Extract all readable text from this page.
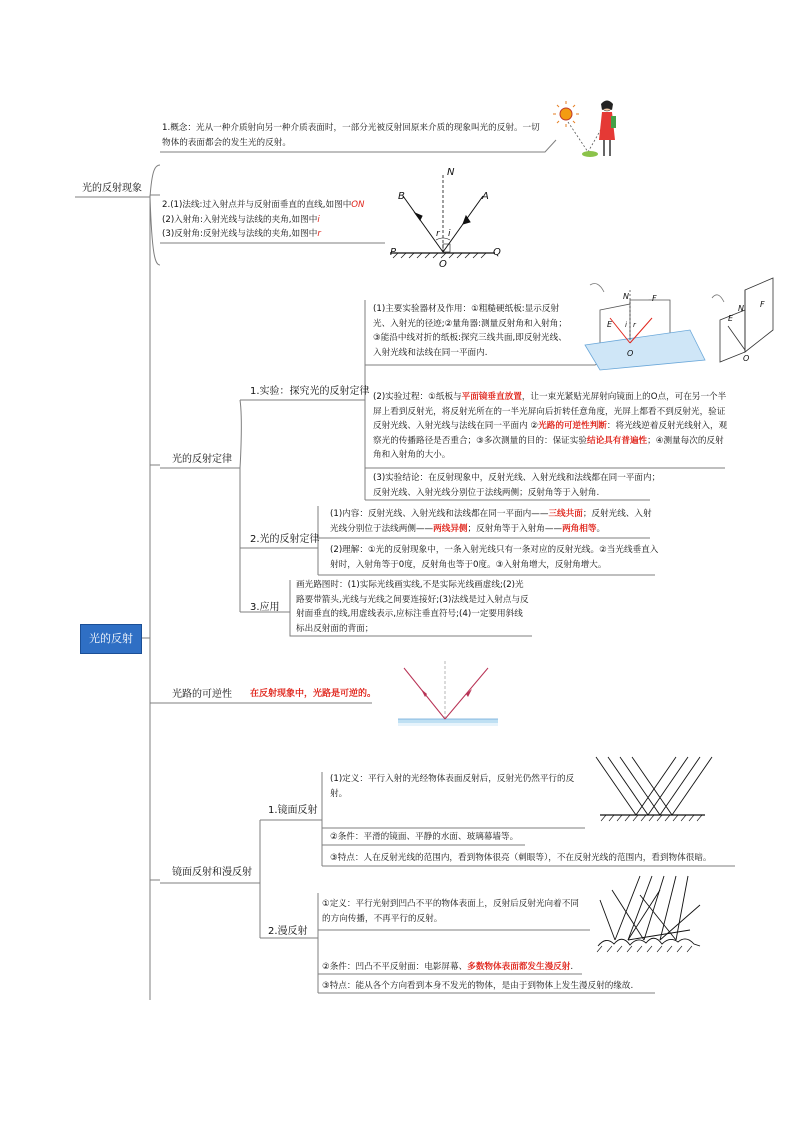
光的反射
光的反射现象
1.概念：光从一种介质射向另一种介质表面时，一部分光被反射回原来介质的现象叫光的反射。一切物体的表面都会的发生光的反射。
2.(1)法线:过入射点并与反射面垂直的直线,如图中ON
(2)入射角:入射光线与法线的夹角,如图中i
(3)反射角:反射光线与法线的夹角,如图中r
N
A
B
r i
P
O
Q
光的反射定律
1.实验：探究光的反射定律
(1)主要实验器材及作用：①粗糙硬纸板:显示反射光、入射光的径迹;②量角器:测量反射角和入射角；③能沿中线对折的纸板:探究三线共面,即反射光线、入射光线和法线在同一平面内.
(2)实验过程：①纸板与平面镜垂直放置，让一束光紧贴光屏射向镜面上的O点，可在另一个半屏上看到反射光，将反射光所在的一半光屏向后折转任意角度，光屏上都看不到反射光，验证反射光线、入射光线与法线在同一平面内 ②光路的可逆性判断：将光线逆着反射光线射入，观察光的传播路径是否重合；③多次测量的目的：保证实验结论具有普遍性；④测量每次的反射角和入射角的大小。
(3)实验结论：在反射现象中，反射光线、入射光线和法线都在同一平面内；反射光线、入射光线分别位于法线两侧；反射角等于入射角.
E
N	F
i r
O
E
N F
O
2.光的反射定律
(1)内容：反射光线、入射光线和法线都在同一平面内——三线共面；反射光线、入射光线分别位于法线两侧——两线异侧；反射角等于入射角——两角相等。
(2)理解：①光的反射现象中，一条入射光线只有一条对应的反射光线。②当光线垂直入射时，入射角等于0度，反射角也等于0度。③入射角增大，反射角增大。
3.应用
画光路图时：(1)实际光线画实线,不是实际光线画虚线;(2)光路要带箭头,光线与光线之间要连接好;(3)法线是过入射点与反射面垂直的线,用虚线表示,应标注垂直符号;(4)一定要用斜线标出反射面的背面；
光路的可逆性 在反射现象中，光路是可逆的。
镜面反射和漫反射
1.镜面反射
(1)定义：平行入射的光经物体表面反射后，反射光仍然平行的反射。
②条件：平滑的镜面、平静的水面、玻璃幕墙等。
③特点：人在反射光线的范围内，看到物体很亮（刺眼等），不在反射光线的范围内，看到物体很暗。
2.漫反射
①定义：平行光射到凹凸不平的物体表面上，反射后反射光向着不同的方向传播，不再平行的反射。
②条件：凹凸不平反射面：电影屏幕、多数物体表面都发生漫反射.
③特点：能从各个方向看到本身不发光的物体，是由于到物体上发生漫反射的缘故.
